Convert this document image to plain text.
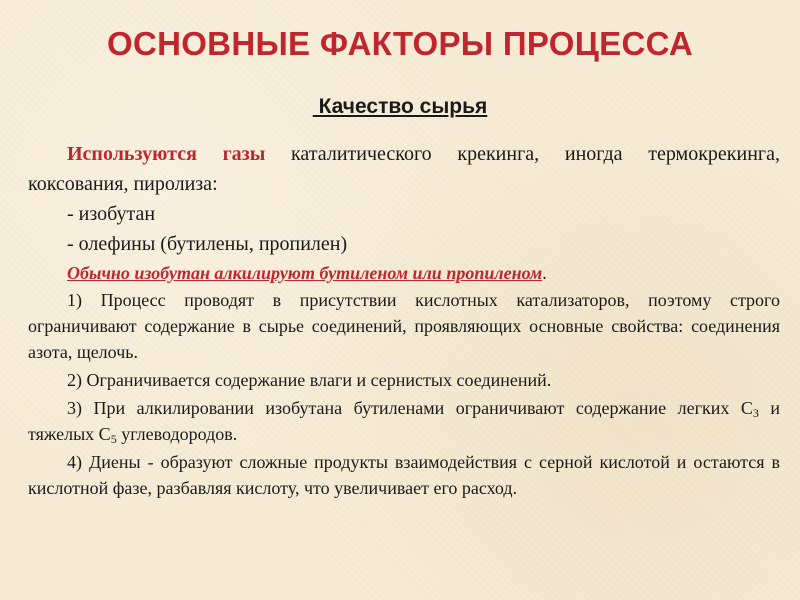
ОСНОВНЫЕ ФАКТОРЫ ПРОЦЕССА
Качество сырья

Используются газы каталитического крекинга, иногда термокрекинга, коксования, пиролиза:

- изобутан

- олефины (бутилены, пропилен)

Обычно изобутан алкилируют бутиленом или пропиленом.

1) Процесс проводят в присутствии кислотных катализаторов, поэтому строго ограничивают содержание в сырье соединений, проявляющих основные свойства: соединения азота, щелочь.

2) Ограничивается содержание влаги и сернистых соединений.

3) При алкилировании изобутана бутиленами ограничивают содержание легких $С_3$ и тяжелых $С_5$ углеводородов.

4) Диены - образуют сложные продукты взаимодействия с серной кислотой и остаются в кислотной фазе, разбавляя кислоту, что увеличивает его расход.
